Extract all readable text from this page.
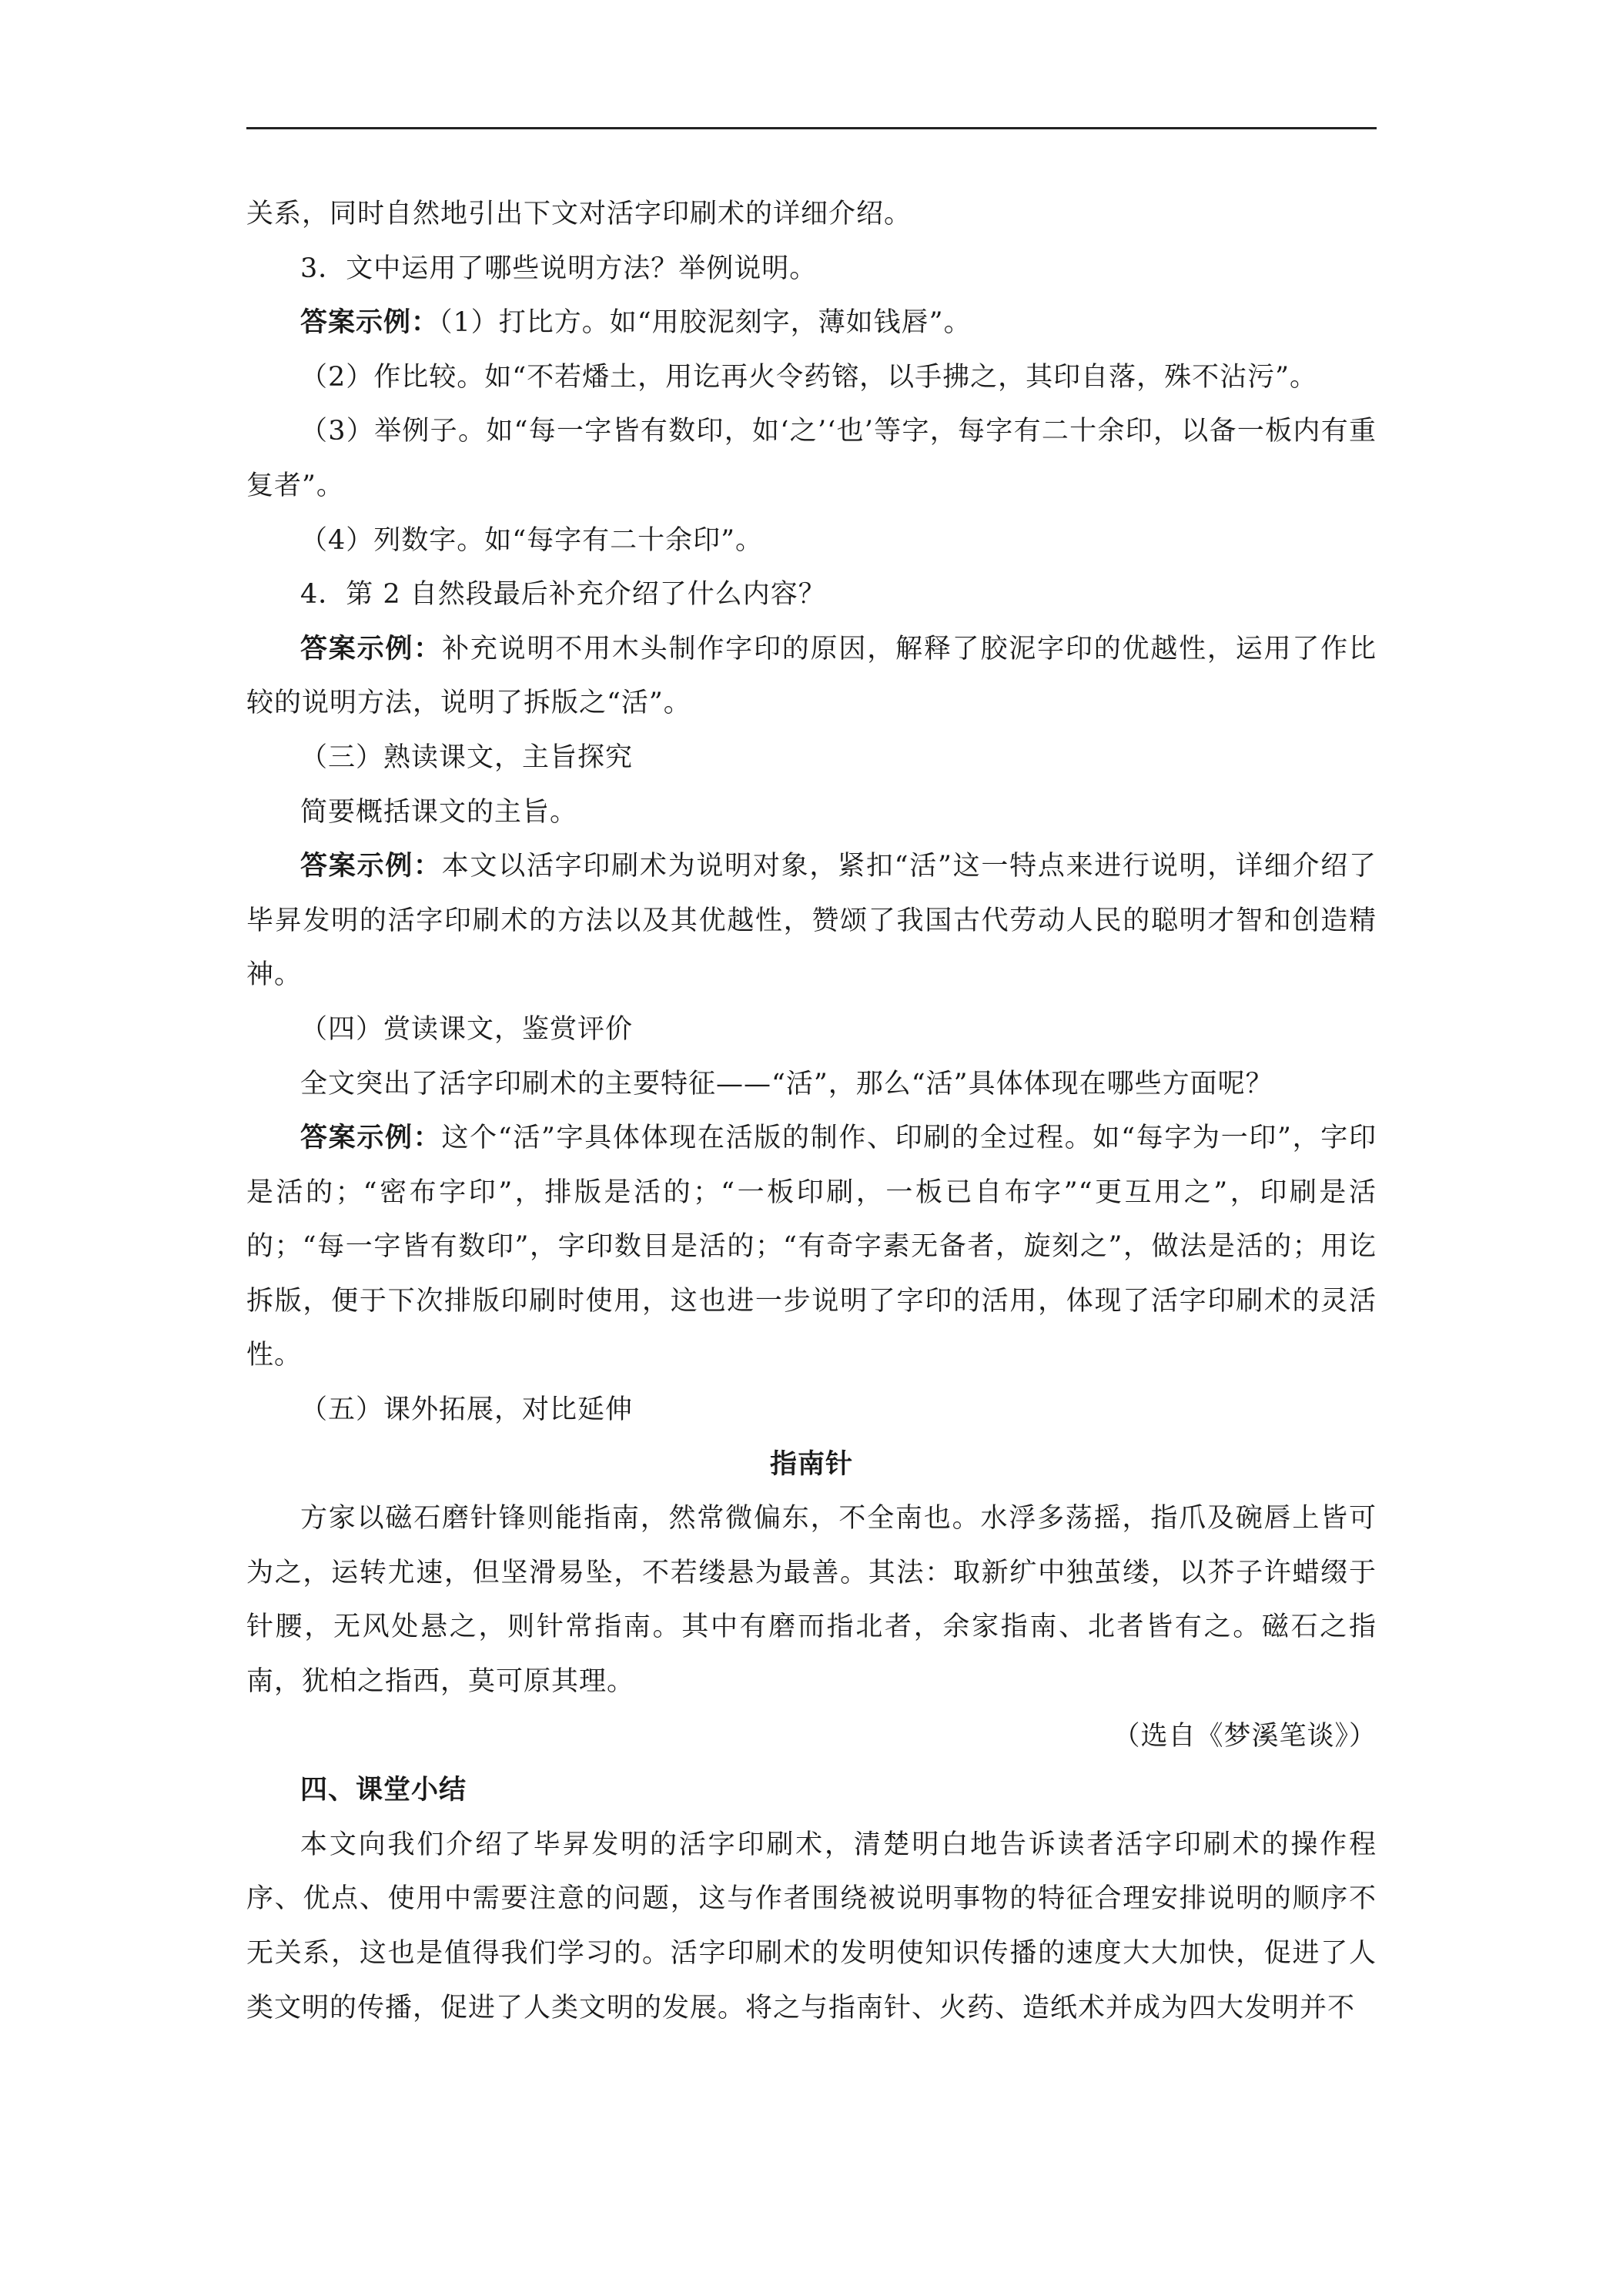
关系，同时自然地引出下文对活字印刷术的详细介绍。

3．文中运用了哪些说明方法？举例说明。

答案示例：（1）打比方。如“用胶泥刻字，薄如钱唇”。

（2）作比较。如“不若燔土，用讫再火令药镕，以手拂之，其印自落，殊不沾污”。

（3）举例子。如“每一字皆有数印，如‘之’‘也’等字，每字有二十余印，以备一板内有重复者”。

（4）列数字。如“每字有二十余印”。

4．第 2 自然段最后补充介绍了什么内容？

答案示例：补充说明不用木头制作字印的原因，解释了胶泥字印的优越性，运用了作比较的说明方法，说明了拆版之“活”。

（三）熟读课文，主旨探究

简要概括课文的主旨。

答案示例：本文以活字印刷术为说明对象，紧扣“活”这一特点来进行说明，详细介绍了毕昇发明的活字印刷术的方法以及其优越性，赞颂了我国古代劳动人民的聪明才智和创造精神。

（四）赏读课文，鉴赏评价

全文突出了活字印刷术的主要特征——“活”，那么“活”具体体现在哪些方面呢？

答案示例：这个“活”字具体体现在活版的制作、印刷的全过程。如“每字为一印”，字印是活的；“密布字印”，排版是活的；“一板印刷，一板已自布字”“更互用之”，印刷是活的；“每一字皆有数印”，字印数目是活的；“有奇字素无备者，旋刻之”，做法是活的；用讫拆版，便于下次排版印刷时使用，这也进一步说明了字印的活用，体现了活字印刷术的灵活性。

（五）课外拓展，对比延伸

指南针

方家以磁石磨针锋则能指南，然常微偏东，不全南也。水浮多荡摇，指爪及碗唇上皆可为之，运转尤速，但坚滑易坠，不若缕悬为最善。其法：取新纩中独茧缕，以芥子许蜡缀于针腰，无风处悬之，则针常指南。其中有磨而指北者，余家指南、北者皆有之。磁石之指南，犹柏之指西，莫可原其理。

（选自《梦溪笔谈》）

四、课堂小结

本文向我们介绍了毕昇发明的活字印刷术，清楚明白地告诉读者活字印刷术的操作程序、优点、使用中需要注意的问题，这与作者围绕被说明事物的特征合理安排说明的顺序不无关系，这也是值得我们学习的。活字印刷术的发明使知识传播的速度大大加快，促进了人类文明的传播，促进了人类文明的发展。将之与指南针、火药、造纸术并成为四大发明并不
